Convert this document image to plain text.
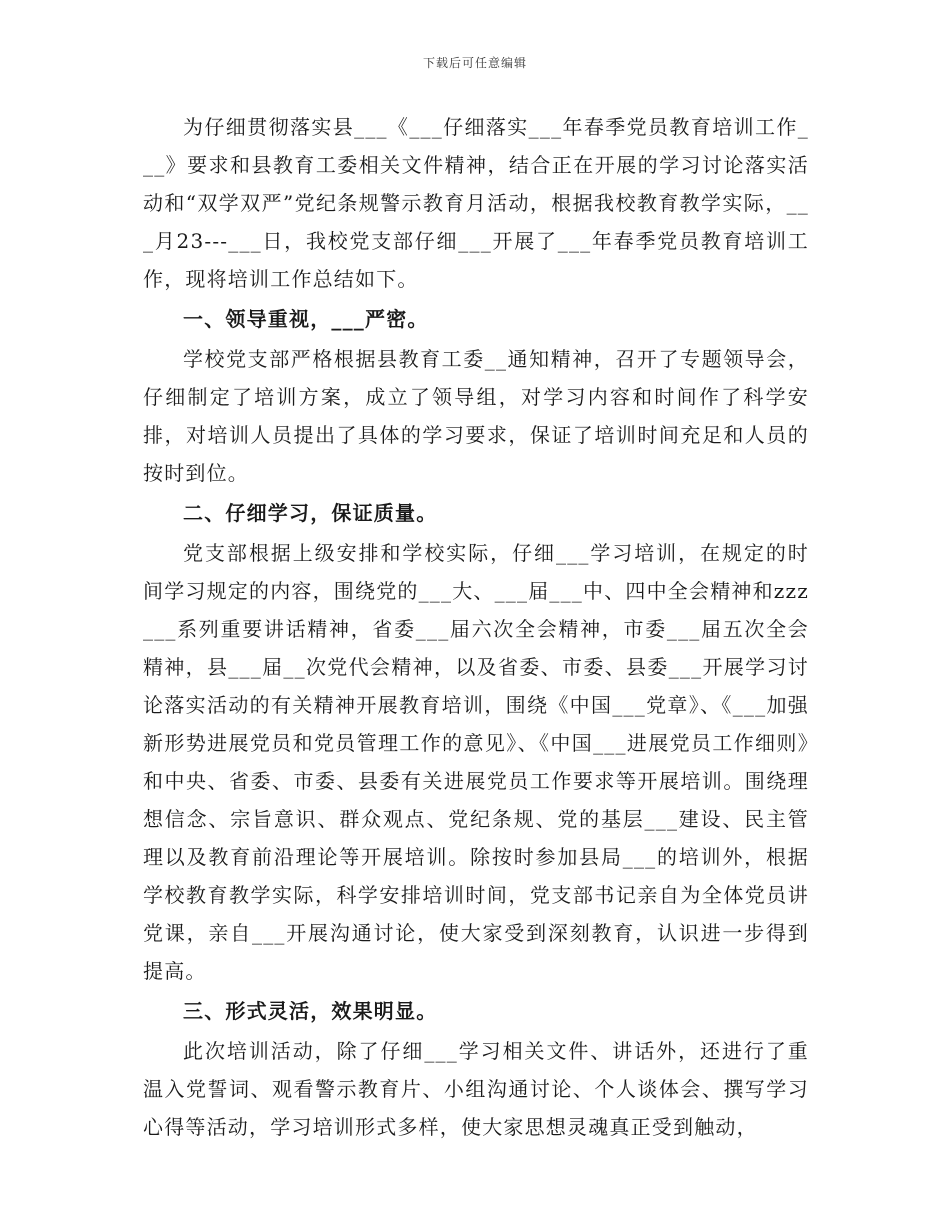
下载后可任意编辑

为仔细贯彻落实县___《___仔细落实___年春季党员教育培训工作___》要求和县教育工委相关文件精神，结合正在开展的学习讨论落实活动和“双学双严”党纪条规警示教育月活动，根据我校教育教学实际，___月23---___日，我校党支部仔细___开展了___年春季党员教育培训工作，现将培训工作总结如下。

一、领导重视，___严密。

学校党支部严格根据县教育工委__通知精神，召开了专题领导会，仔细制定了培训方案，成立了领导组，对学习内容和时间作了科学安排，对培训人员提出了具体的学习要求，保证了培训时间充足和人员的按时到位。

二、仔细学习，保证质量。

党支部根据上级安排和学校实际，仔细___学习培训，在规定的时间学习规定的内容，围绕党的___大、___届___中、四中全会精神和zzz___系列重要讲话精神，省委___届六次全会精神，市委___届五次全会精神，县___届__次党代会精神，以及省委、市委、县委___开展学习讨论落实活动的有关精神开展教育培训，围绕《中国___党章》、《___加强新形势进展党员和党员管理工作的意见》、《中国___进展党员工作细则》和中央、省委、市委、县委有关进展党员工作要求等开展培训。围绕理想信念、宗旨意识、群众观点、党纪条规、党的基层___建设、民主管理以及教育前沿理论等开展培训。除按时参加县局___的培训外，根据学校教育教学实际，科学安排培训时间，党支部书记亲自为全体党员讲党课，亲自___开展沟通讨论，使大家受到深刻教育，认识进一步得到提高。

三、形式灵活，效果明显。

此次培训活动，除了仔细___学习相关文件、讲话外，还进行了重温入党誓词、观看警示教育片、小组沟通讨论、个人谈体会、撰写学习心得等活动，学习培训形式多样，使大家思想灵魂真正受到触动，
